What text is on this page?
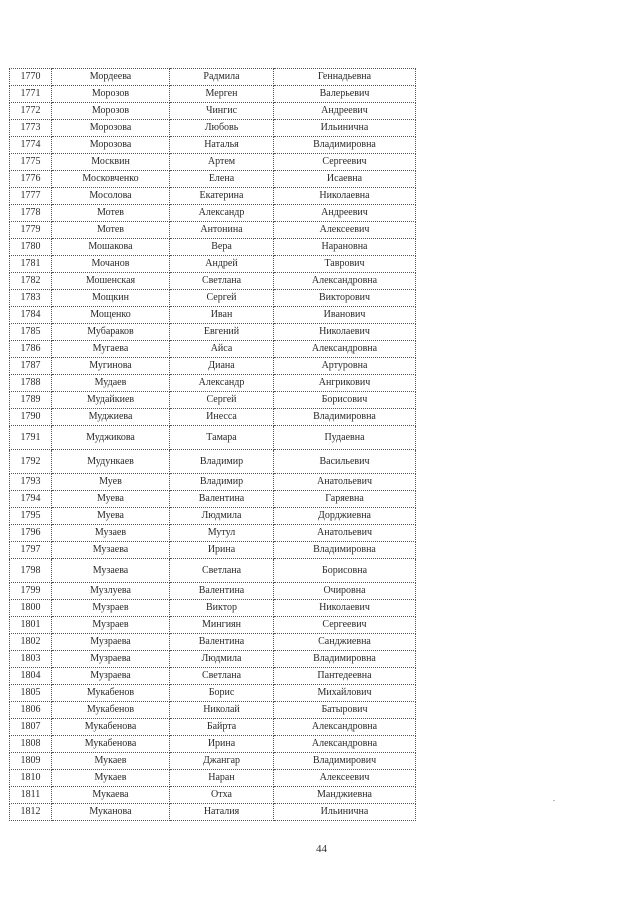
1770	Мордеева	Радмила	Геннадьевна
1771	Морозов	Мерген	Валерьевич
1772	Морозов	Чингис	Андреевич
1773	Морозова	Любовь	Ильинична
1774	Морозова	Наталья	Владимировна
1775	Москвин	Артем	Сергеевич
1776	Московченко	Елена	Исаевна
1777	Мосолова	Екатерина	Николаевна
1778	Мотев	Александр	Андреевич
1779	Мотев	Антонина	Алексеевич
1780	Мошакова	Вера	Нарановна
1781	Мочанов	Андрей	Таврович
1782	Мошенская	Светлана	Александровна
1783	Мощкин	Сергей	Викторович
1784	Мощенко	Иван	Иванович
1785	Мубараков	Евгений	Николаевич
1786	Мугаева	Айса	Александровна
1787	Мугинова	Диана	Артуровна
1788	Мудаев	Александр	Ангрикович
1789	Мудайкиев	Сергей	Борисович
1790	Муджиева	Инесса	Владимировна
1791	Муджикова	Тамара	Пудаевна
1792	Мудункаев	Владимир	Васильевич
1793	Муев	Владимир	Анатольевич
1794	Муева	Валентина	Гаряевна
1795	Муева	Людмила	Дорджиевна
1796	Музаев	Мутул	Анатольевич
1797	Музаева	Ирина	Владимировна
1798	Музаева	Светлана	Борисовна
1799	Музлуева	Валентина	Очировна
1800	Музраев	Виктор	Николаевич
1801	Музраев	Мингиян	Сергеевич
1802	Музраева	Валентина	Санджиевна
1803	Музраева	Людмила	Владимировна
1804	Музраева	Светлана	Пантедеевна
1805	Мукабенов	Борис	Михайлович
1806	Мукабенов	Николай	Батырович
1807	Мукабенова	Байрта	Александровна
1808	Мукабенова	Ирина	Александровна
1809	Мукаев	Джангар	Владимирович
1810	Мукаев	Наран	Алексеевич
1811	Мукаева	Отха	Манджиевна
1812	Муканова	Наталия	Ильинична
44
